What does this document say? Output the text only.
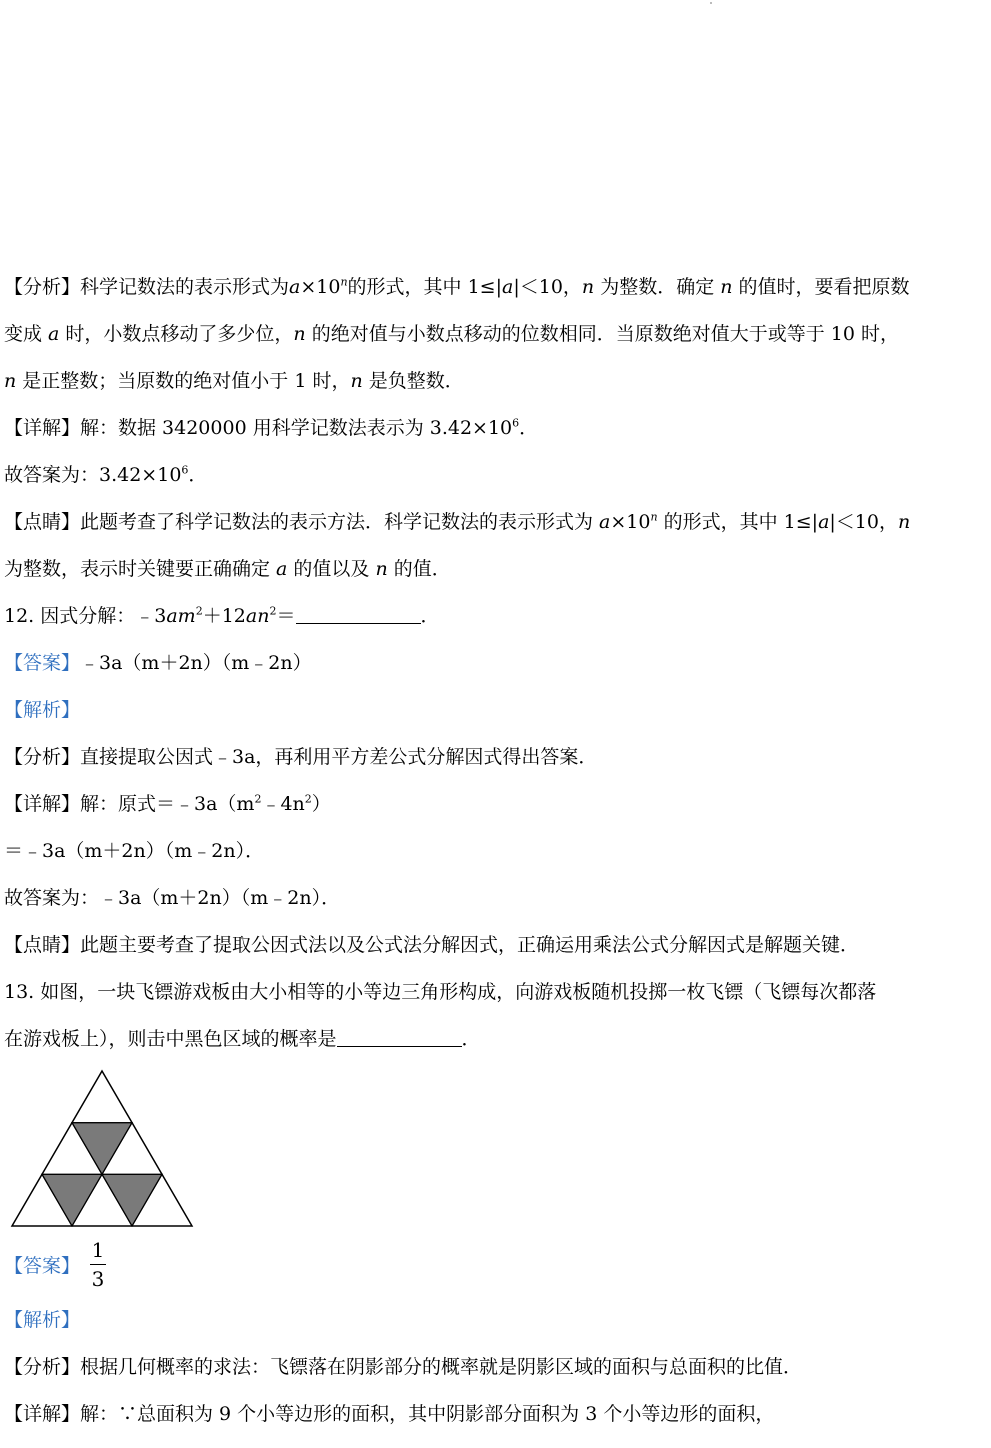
【分析】科学记数法的表示形式为$a\times 10^n$的形式，其中 1≤|a|＜10，n 为整数．确定 n 的值时，要看把原数
变成 a 时，小数点移动了多少位，n 的绝对值与小数点移动的位数相同．当原数绝对值大于或等于 10 时，
n 是正整数；当原数的绝对值小于 1 时，n 是负整数．
【详解】解：数据 3420000 用科学记数法表示为 $3.42\times 10^6$．
故答案为：$3.42\times 10^6$．
【点睛】此题考查了科学记数法的表示方法．科学记数法的表示形式为 $a\times 10^n$ 的形式，其中 1≤|a|＜10，n
为整数，表示时关键要正确确定 a 的值以及 n 的值．
12. 因式分解：$﹣3am^2+12an^2=$	．
【答案】﹣3a（m＋2n）（m﹣2n）
【解析】
【分析】直接提取公因式﹣3a，再利用平方差公式分解因式得出答案．
【详解】解：原式$=﹣3a(m^2﹣4n^2)$
＝﹣3a（m＋2n）（m﹣2n）．
故答案为：﹣3a（m＋2n）（m﹣2n）．
【点睛】此题主要考查了提取公因式法以及公式法分解因式，正确运用乘法公式分解因式是解题关键．
13. 如图，一块飞镖游戏板由大小相等的小等边三角形构成，向游戏板随机投掷一枚飞镖（飞镖每次都落
在游戏板上），则击中黑色区域的概率是	．
【答案】 $\frac{1}{3}$
【解析】
【分析】根据几何概率的求法：飞镖落在阴影部分的概率就是阴影区域的面积与总面积的比值．
【详解】解：∵总面积为 9 个小等边形的面积，其中阴影部分面积为 3 个小等边形的面积，
